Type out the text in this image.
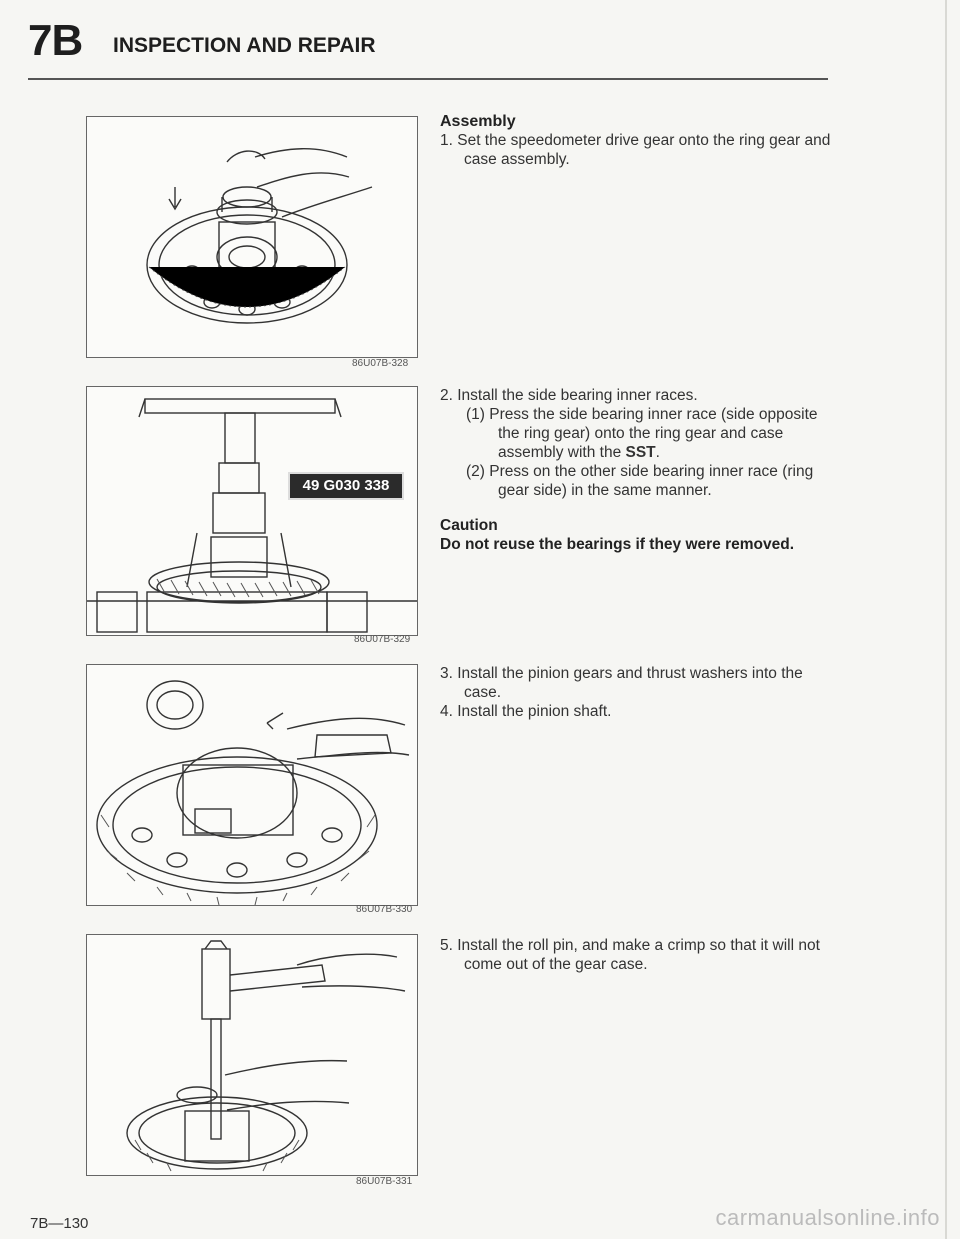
7B INSPECTION AND REPAIR
86U07B-328
49 G030 338
86U07B-329
86U07B-330
86U07B-331

Assembly

1. Set the speedometer drive gear onto the ring gear and case assembly.

2. Install the side bearing inner races.

(1) Press the side bearing inner race (side opposite the ring gear) onto the ring gear and case assembly with the SST.

(2) Press on the other side bearing inner race (ring gear side) in the same manner.

Caution

Do not reuse the bearings if they were removed.

3. Install the pinion gears and thrust washers into the case.

4. Install the pinion shaft.

5. Install the roll pin, and make a crimp so that it will not come out of the gear case.

7B—130	carmanualsonline.info
